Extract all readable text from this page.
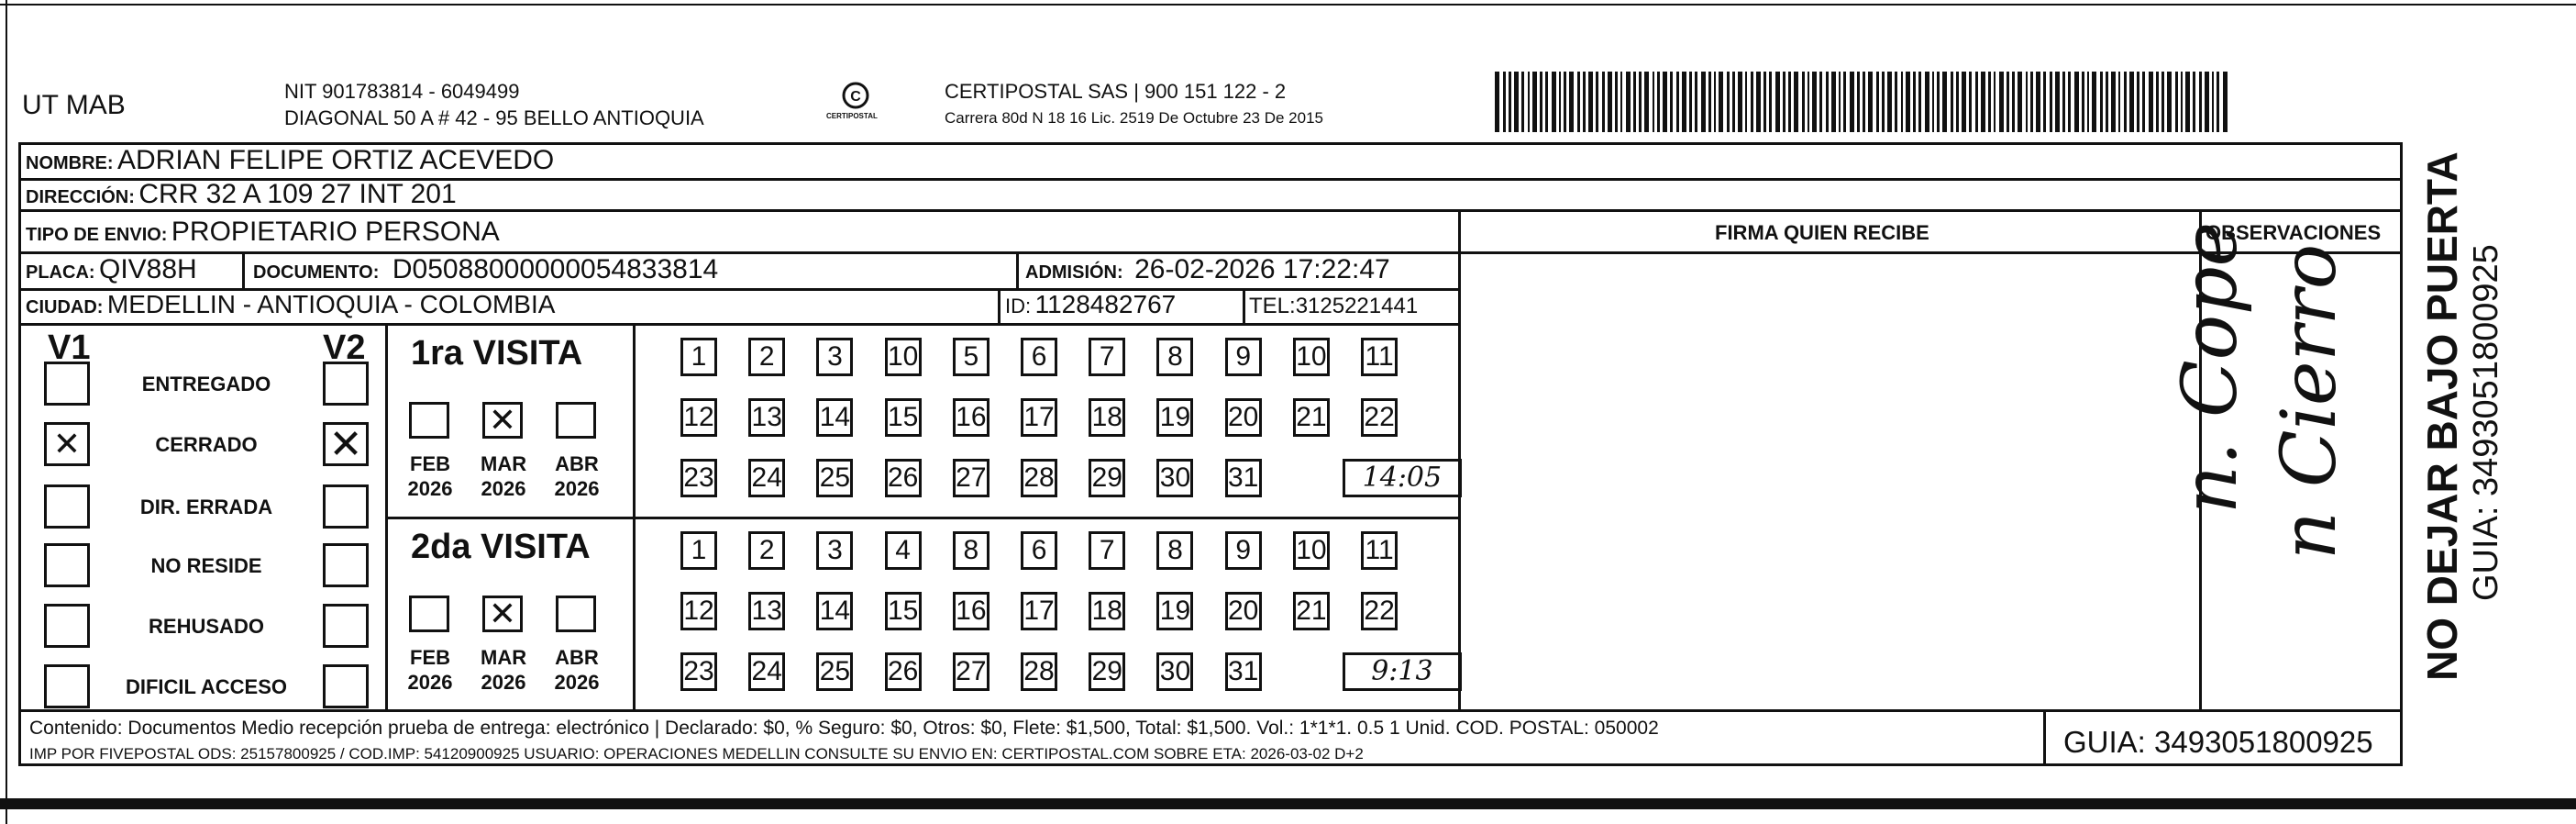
UT MAB	NIT 901783814 - 6049499
DIAGONAL 50 A # 42 - 95 BELLO ANTIOQUIA
C
CERTIPOSTAL
CERTIPOSTAL SAS | 900 151 122 - 2
Carrera 80d N 18 16 Lic. 2519 De Octubre 23 De 2015
NOMBRE: ADRIAN FELIPE ORTIZ ACEVEDO
DIRECCIÓN: CRR 32 A 109 27 INT 201
TIPO DE ENVIO: PROPIETARIO PERSONA
PLACA: QIV88H	DOCUMENTO: D05088000000054833814	ADMISIÓN: 26-02-2026 17:22:47
CIUDAD: MEDELLIN - ANTIOQUIA - COLOMBIA	ID: 1128482767	TEL:3125221441
FIRMA QUIEN RECIBE	OBSERVACIONES
n. Cope n Cierro
V1	V2
ENTREGADO
✕	CERRADO	✕
DIR. ERRADA
NO RESIDE
REHUSADO
DIFICIL ACCESO
1ra VISITA
FEB
2026
✕
MAR
2026
ABR
2026
1	2	3	10	5	6	7	8	9	10 11
12 13 14 15 16 17 18 19 20 21 22
23 24 25 26 27 28 29 30 31	14:05
2da VISITA
FEB
2026
✕
MAR
2026
ABR
2026
1	2	3	4	8	6	7	8	9	10 11
12 13 14 15 16 17 18 19 20 21 22
23 24 25 26 27 28 29 30 31	9:13
Contenido: Documentos Medio recepción prueba de entrega: electrónico | Declarado: $0, % Seguro: $0, Otros: $0, Flete: $1,500, Total: $1,500. Vol.: 1*1*1. 0.5 1 Unid. COD. POSTAL: 050002
IMP POR FIVEPOSTAL ODS: 25157800925 / COD.IMP: 54120900925 USUARIO: OPERACIONES MEDELLIN CONSULTE SU ENVIO EN: CERTIPOSTAL.COM SOBRE ETA: 2026-03-02 D+2	GUIA: 3493051800925
NO DEJAR BAJO PUERTA GUIA: 3493051800925
